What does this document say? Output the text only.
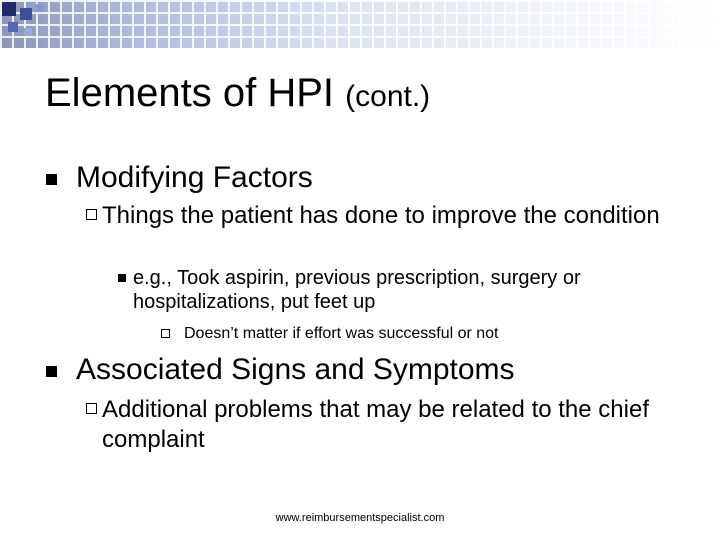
Elements of HPI (cont.)
Modifying Factors
Things the patient has done to improve the condition
e.g., Took aspirin, previous prescription, surgery or hospitalizations, put feet up
Doesn’t matter if effort was successful or not
Associated Signs and Symptoms
Additional problems that may be related to the chief complaint
www.reimbursementspecialist.com
